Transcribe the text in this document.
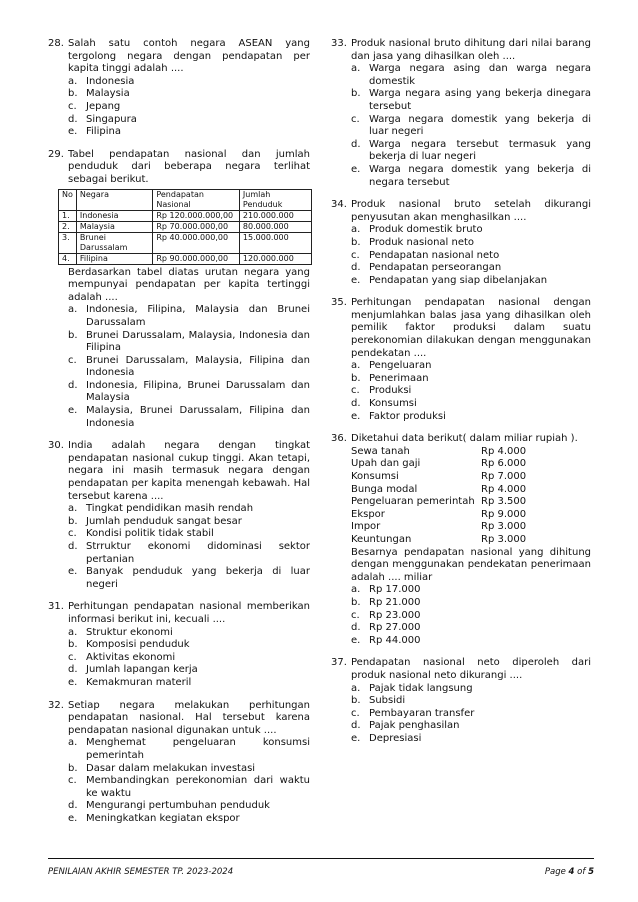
28. Salah satu contoh negara ASEAN yang tergolong negara dengan pendapatan per kapita tinggi adalah ....
a. Indonesia
b. Malaysia
c. Jepang
d. Singapura
e. Filipina
29. Tabel pendapatan nasional dan jumlah penduduk dari beberapa negara terlihat sebagai berikut.
No	Negara	Pendapatan Nasional	Jumlah Penduduk
1.	Indonesia	Rp 120.000.000,00	210.000.000
2.	Malaysia	Rp 70.000.000,00	80.000.000
3.	Brunei Darussalam	Rp 40.000.000,00	15.000.000
4.	Filipina	Rp 90.000.000,00	120.000.000
Berdasarkan tabel diatas urutan negara yang mempunyai pendapatan per kapita tertinggi adalah ....
a. Indonesia, Filipina, Malaysia dan Brunei Darussalam
b. Brunei Darussalam, Malaysia, Indonesia dan Filipina
c. Brunei Darussalam, Malaysia, Filipina dan Indonesia
d. Indonesia, Filipina, Brunei Darussalam dan Malaysia
e. Malaysia, Brunei Darussalam, Filipina dan Indonesia
30. India adalah negara dengan tingkat pendapatan nasional cukup tinggi. Akan tetapi, negara ini masih termasuk negara dengan pendapatan per kapita menengah kebawah. Hal tersebut karena ....
a. Tingkat pendidikan masih rendah
b. Jumlah penduduk sangat besar
c. Kondisi politik tidak stabil
d. Strruktur ekonomi didominasi sektor pertanian
e. Banyak penduduk yang bekerja di luar negeri
31. Perhitungan pendapatan nasional memberikan informasi berikut ini, kecuali ....
a. Struktur ekonomi
b. Komposisi penduduk
c. Aktivitas ekonomi
d. Jumlah lapangan kerja
e. Kemakmuran materil
32. Setiap negara melakukan perhitungan pendapatan nasional. Hal tersebut karena pendapatan nasional digunakan untuk ....
a. Menghemat pengeluaran konsumsi pemerintah
b. Dasar dalam melakukan investasi
c. Membandingkan perekonomian dari waktu ke waktu
d. Mengurangi pertumbuhan penduduk
e. Meningkatkan kegiatan ekspor
33. Produk nasional bruto dihitung dari nilai barang dan jasa yang dihasilkan oleh ....
a. Warga negara asing dan warga negara domestik
b. Warga negara asing yang bekerja dinegara tersebut
c. Warga negara domestik yang bekerja di luar negeri
d. Warga negara tersebut termasuk yang bekerja di luar negeri
e. Warga negara domestik yang bekerja di negara tersebut
34. Produk nasional bruto setelah dikurangi penyusutan akan menghasilkan ....
a. Produk domestik bruto
b. Produk nasional neto
c. Pendapatan nasional neto
d. Pendapatan perseorangan
e. Pendapatan yang siap dibelanjakan
35. Perhitungan pendapatan nasional dengan menjumlahkan balas jasa yang dihasilkan oleh pemilik faktor produksi dalam suatu perekonomian dilakukan dengan menggunakan pendekatan ....
a. Pengeluaran
b. Penerimaan
c. Produksi
d. Konsumsi
e. Faktor produksi
36. Diketahui data berikut( dalam miliar rupiah ).
Sewa tanah	Rp 4.000
Upah dan gaji	Rp 6.000
Konsumsi	Rp 7.000
Bunga modal	Rp 4.000
Pengeluaran pemerintah Rp 3.500
Ekspor	Rp 9.000
Impor	Rp 3.000
Keuntungan	Rp 3.000
Besarnya pendapatan nasional yang dihitung dengan menggunakan pendekatan penerimaan adalah .... miliar
a. Rp 17.000
b. Rp 21.000
c. Rp 23.000
d. Rp 27.000
e. Rp 44.000
37. Pendapatan nasional neto diperoleh dari produk nasional neto dikurangi ....
a. Pajak tidak langsung
b. Subsidi
c. Pembayaran transfer
d. Pajak penghasilan
e. Depresiasi
PENILAIAN AKHIR SEMESTER TP. 2023-2024	Page 4 of 5
